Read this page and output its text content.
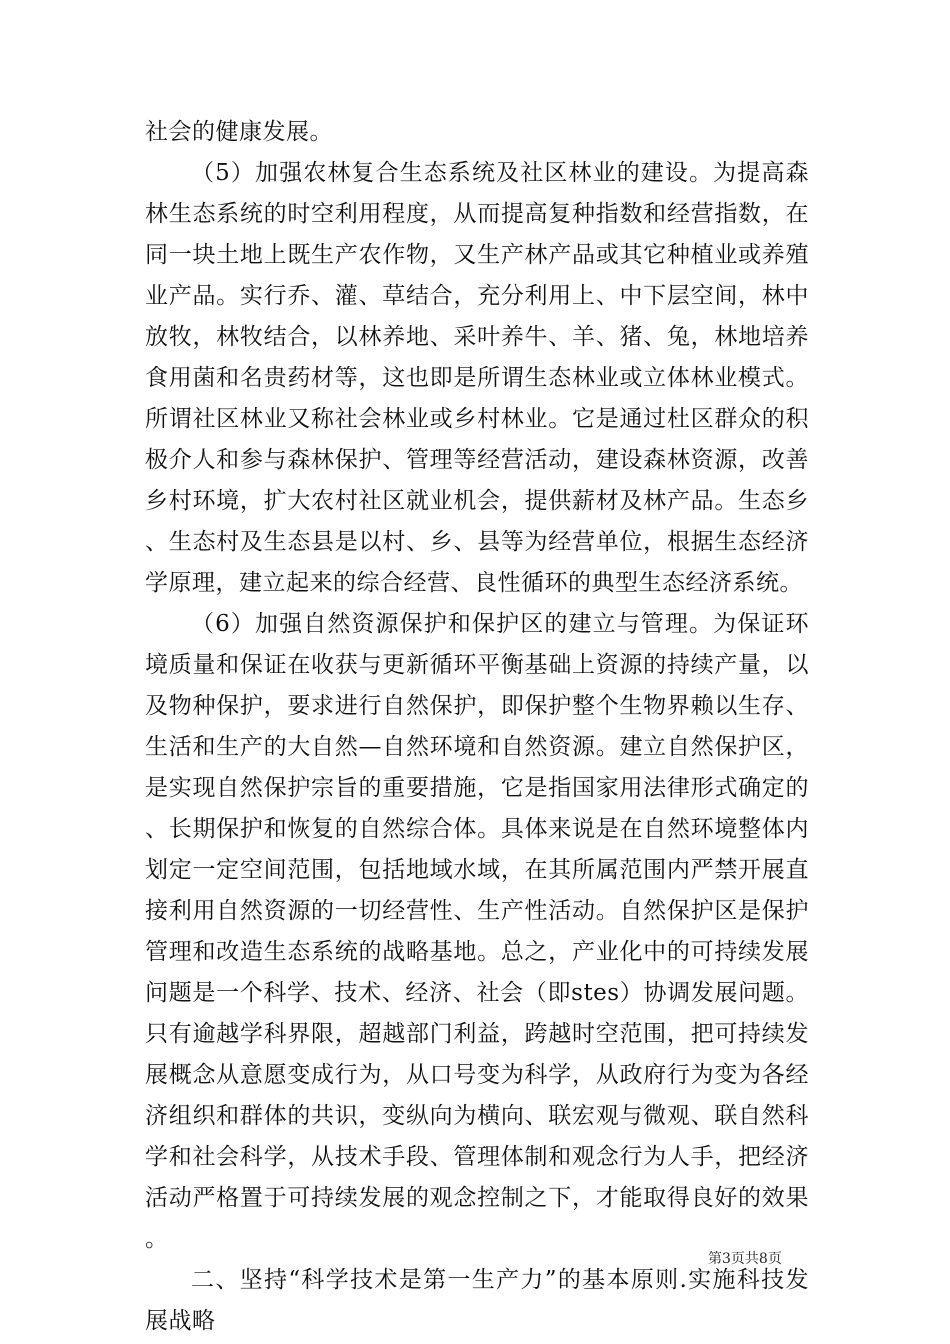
社会的健康发展。

（5）加强农林复合生态系统及社区林业的建设。为提高森林生态系统的时空利用程度，从而提高复种指数和经营指数，在同一块土地上既生产农作物，又生产林产品或其它种植业或养殖业产品。实行乔、灌、草结合，充分利用上、中下层空间，林中放牧，林牧结合，以林养地、采叶养牛、羊、猪、兔，林地培养食用菌和名贵药材等，这也即是所谓生态林业或立体林业模式。所谓社区林业又称社会林业或乡村林业。它是通过杜区群众的积极介人和参与森林保护、管理等经营活动，建设森林资源，改善乡村环境，扩大农村社区就业机会，提供薪材及林产品。生态乡、生态村及生态县是以村、乡、县等为经营单位，根据生态经济学原理，建立起来的综合经营、良性循环的典型生态经济系统。

（6）加强自然资源保护和保护区的建立与管理。为保证环境质量和保证在收获与更新循环平衡基础上资源的持续产量，以及物种保护，要求进行自然保护，即保护整个生物界赖以生存、生活和生产的大自然—自然环境和自然资源。建立自然保护区，是实现自然保护宗旨的重要措施，它是指国家用法律形式确定的、长期保护和恢复的自然综合体。具体来说是在自然环境整体内划定一定空间范围，包括地域水域，在其所属范围内严禁开展直接利用自然资源的一切经营性、生产性活动。自然保护区是保护管理和改造生态系统的战略基地。总之，产业化中的可持续发展问题是一个科学、技术、经济、社会（即stes）协调发展问题。只有逾越学科界限，超越部门利益，跨越时空范围，把可持续发展概念从意愿变成行为，从口号变为科学，从政府行为变为各经济组织和群体的共识，变纵向为横向、联宏观与微观、联自然科学和社会科学，从技术手段、管理体制和观念行为人手，把经济活动严格置于可持续发展的观念控制之下，才能取得良好的效果。

二、坚持“科学技术是第一生产力”的基本原则.实施科技发展战略

第3页共8页
